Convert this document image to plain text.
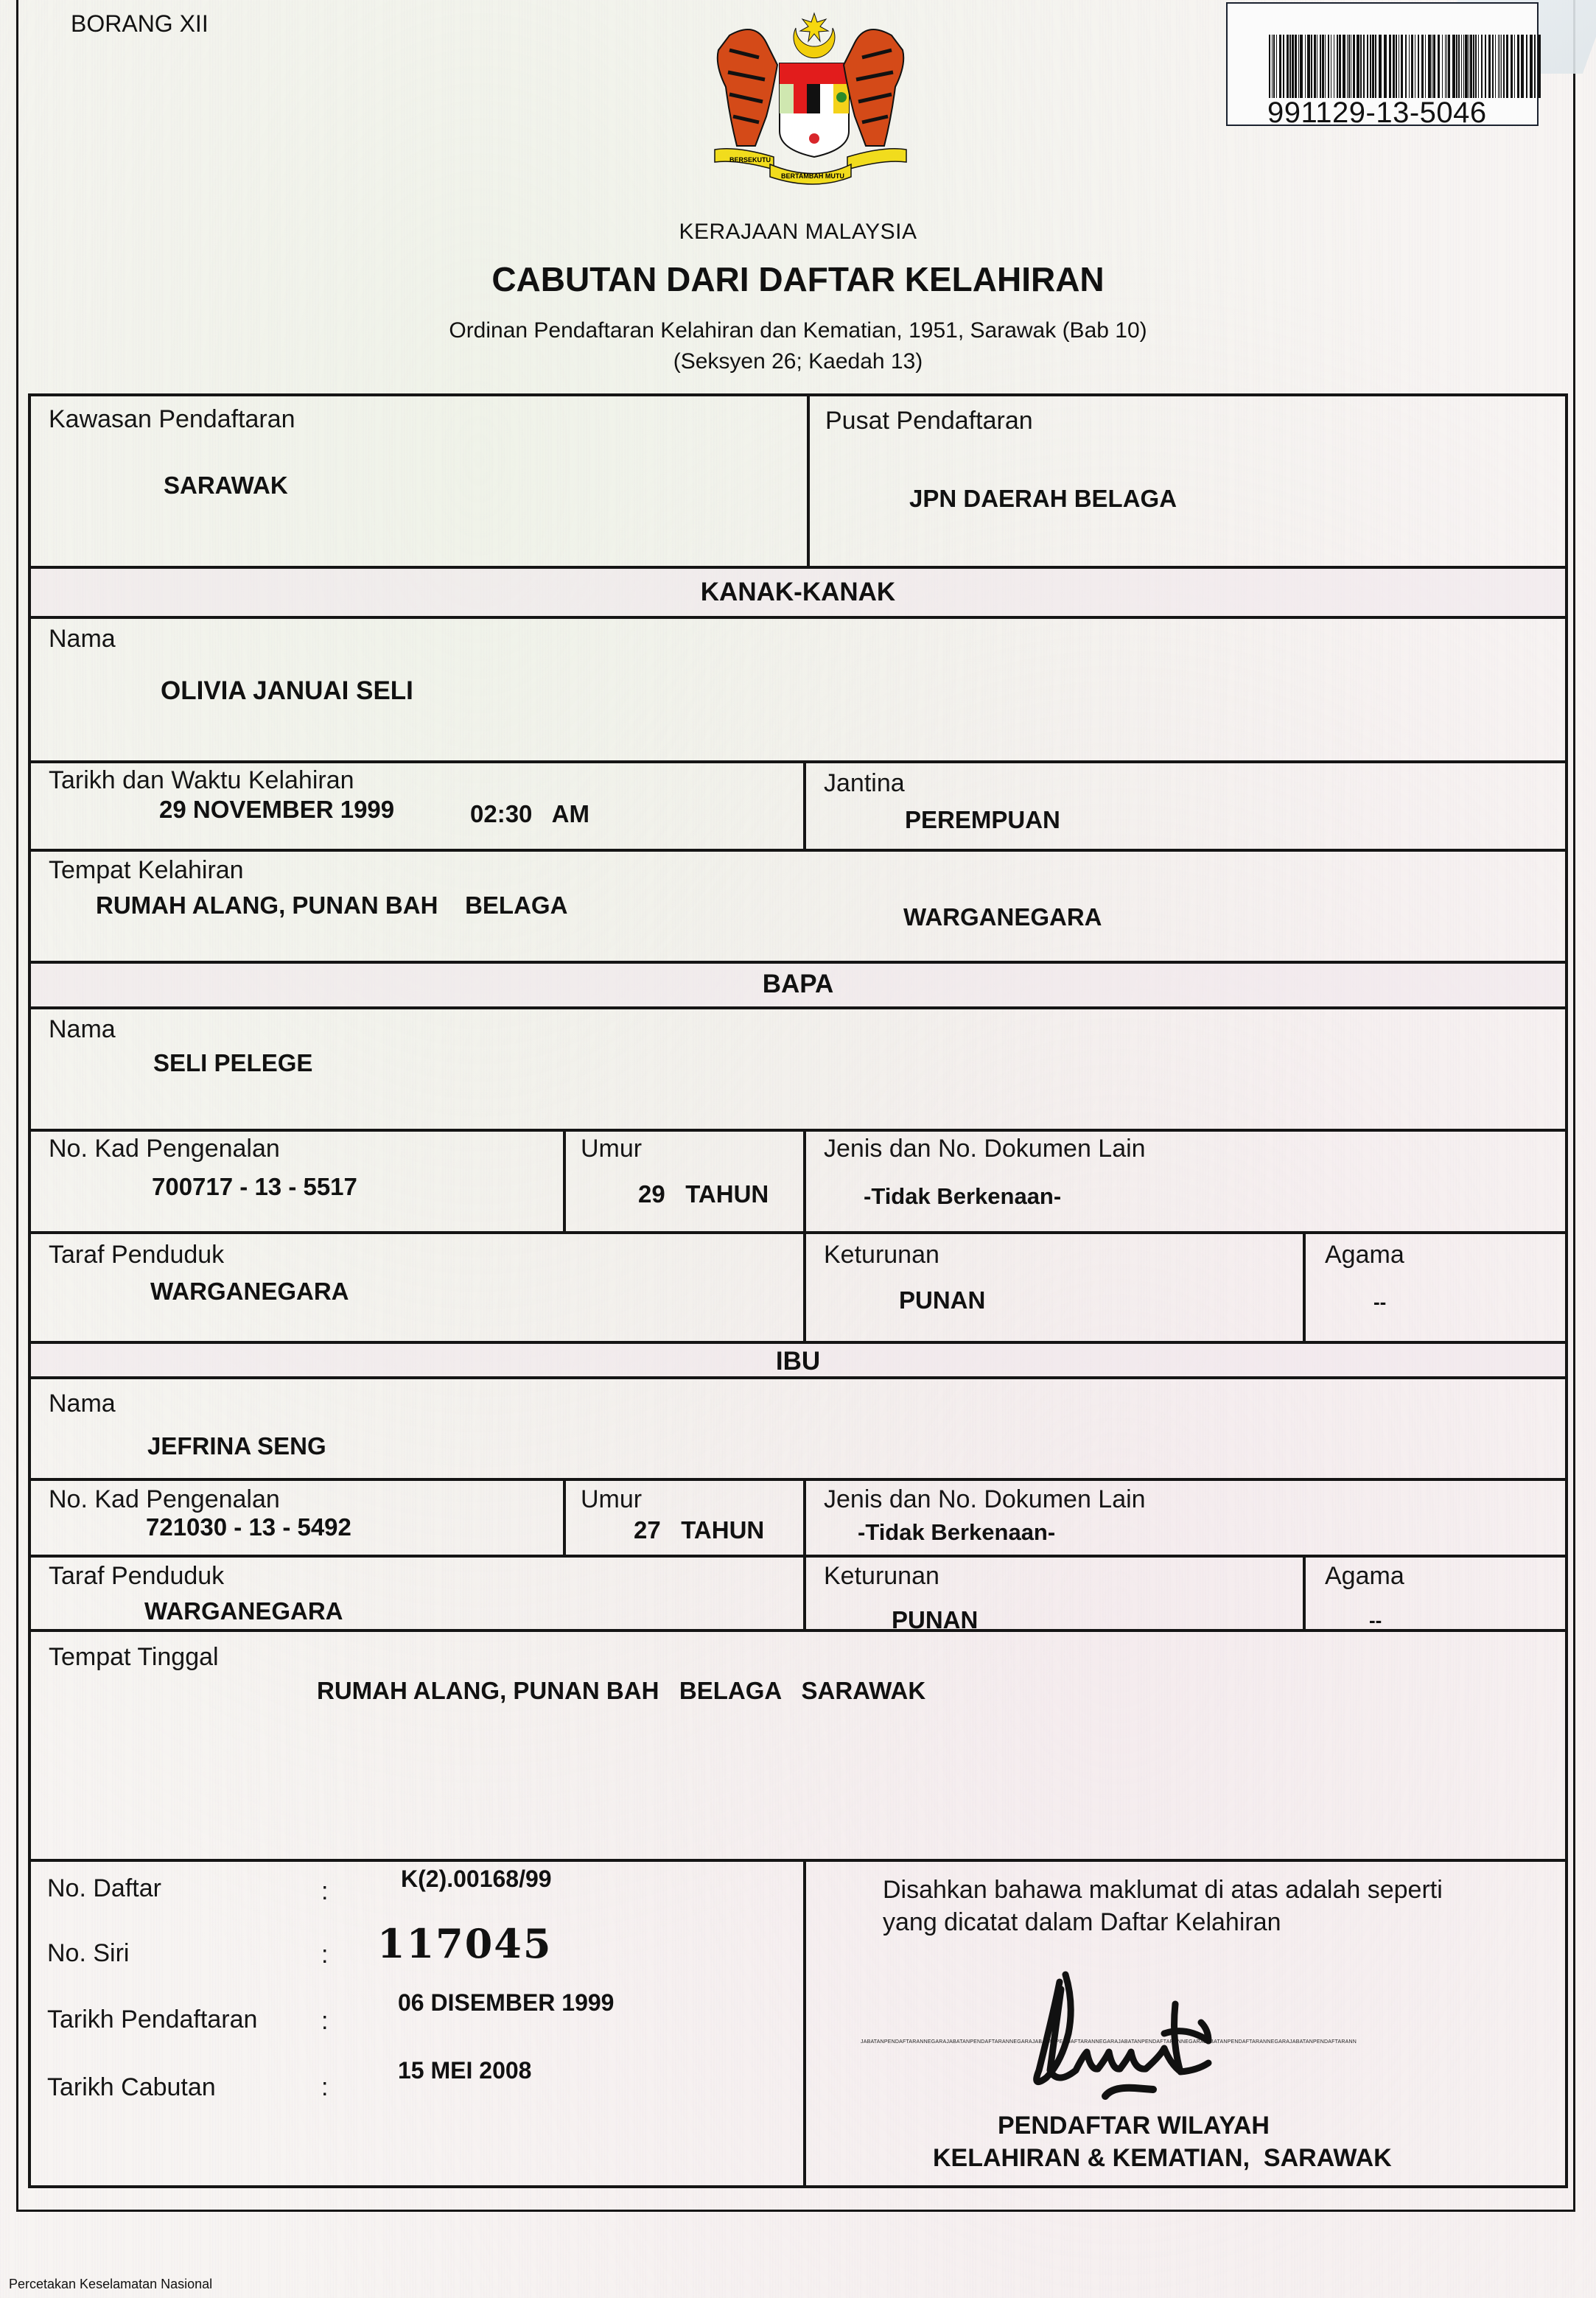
BORANG XII
BERSEKUTU
BERTAMBAH MUTU
991129-13-5046
KERAJAAN MALAYSIA
CABUTAN DARI DAFTAR KELAHIRAN
Ordinan Pendaftaran Kelahiran dan Kematian, 1951, Sarawak (Bab 10)
(Seksyen 26; Kaedah 13)
Kawasan Pendaftaran
SARAWAK
Pusat Pendaftaran
JPN DAERAH BELAGA
KANAK-KANAK
Nama
OLIVIA JANUAI SELI
Tarikh dan Waktu Kelahiran
29 NOVEMBER 1999	02:30   AM
Jantina
PEREMPUAN
Tempat Kelahiran
RUMAH ALANG, PUNAN BAH    BELAGA	WARGANEGARA
BAPA
Nama
SELI PELEGE
No. Kad Pengenalan
700717 - 13 - 5517
Umur
29   TAHUN
Jenis dan No. Dokumen Lain
-Tidak Berkenaan-
Taraf Penduduk
WARGANEGARA
Keturunan
PUNAN
Agama
--
IBU
Nama
JEFRINA SENG
No. Kad Pengenalan
721030 - 13 - 5492
Umur
27   TAHUN
Jenis dan No. Dokumen Lain
-Tidak Berkenaan-
Taraf Penduduk
WARGANEGARA
Keturunan
PUNAN
Agama
--
Tempat Tinggal
RUMAH ALANG, PUNAN BAH   BELAGA   SARAWAK
No. Daftar	:	K(2).00168/99
No. Siri	: 117045
Tarikh Pendaftaran	:
06 DISEMBER 1999
Tarikh Cabutan	:
15 MEI 2008
Disahkan bahawa maklumat di atas adalah seperti
yang dicatat dalam Daftar Kelahiran
JABATANPENDAFTARANNEGARAJABATANPENDAFTARANNEGARAJABATANPENDAFTARANNEGARAJABATANPENDAFTARANNEGARAJABATANPENDAFTARANNEGARAJABATANPENDAFTARANN
PENDAFTAR WILAYAH
KELAHIRAN & KEMATIAN,  SARAWAK
Percetakan Keselamatan Nasional
